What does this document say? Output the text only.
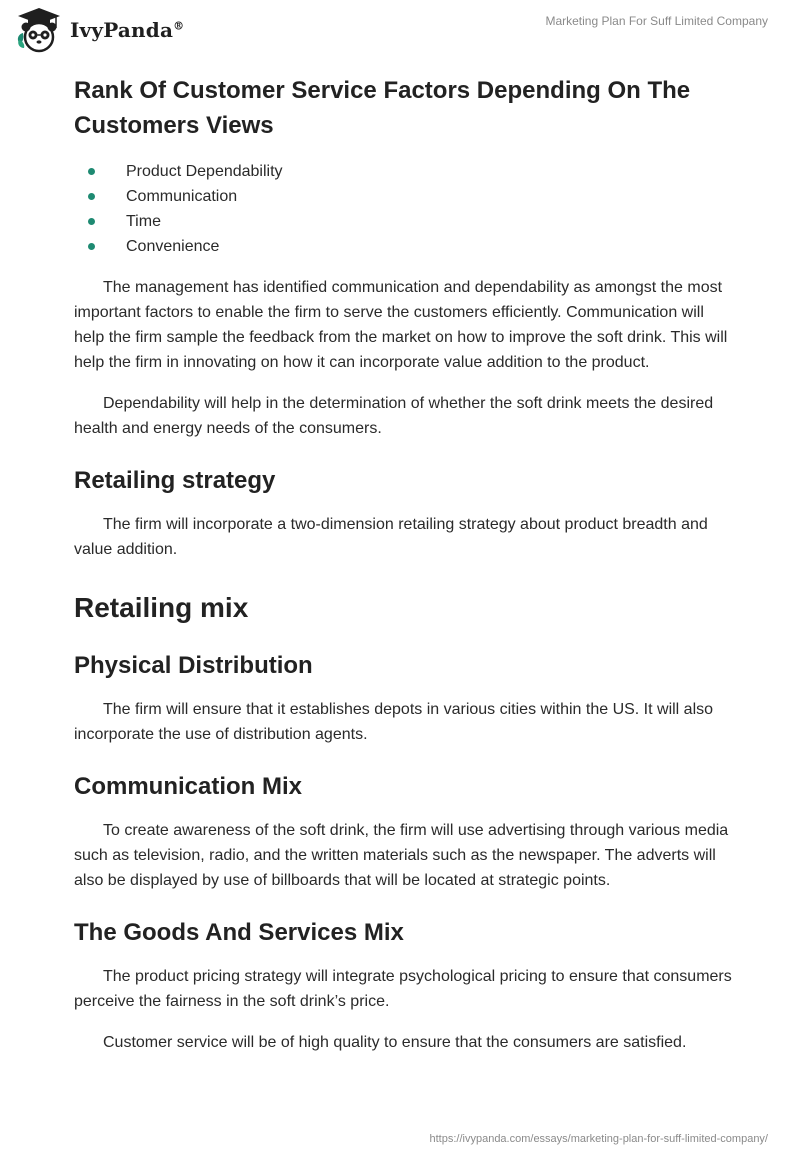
IvyPanda®	Marketing Plan For Suff Limited Company
Rank Of Customer Service Factors Depending On The Customers Views
Product Dependability
Communication
Time
Convenience

The management has identified communication and dependability as amongst the most important factors to enable the firm to serve the customers efficiently. Communication will help the firm sample the feedback from the market on how to improve the soft drink. This will help the firm in innovating on how it can incorporate value addition to the product.

Dependability will help in the determination of whether the soft drink meets the desired health and energy needs of the consumers.

Retailing strategy

The firm will incorporate a two-dimension retailing strategy about product breadth and value addition.

Retailing mix
Physical Distribution

The firm will ensure that it establishes depots in various cities within the US. It will also incorporate the use of distribution agents.

Communication Mix

To create awareness of the soft drink, the firm will use advertising through various media such as television, radio, and the written materials such as the newspaper. The adverts will also be displayed by use of billboards that will be located at strategic points.

The Goods And Services Mix

The product pricing strategy will integrate psychological pricing to ensure that consumers perceive the fairness in the soft drink’s price.

Customer service will be of high quality to ensure that the consumers are satisfied.

https://ivypanda.com/essays/marketing-plan-for-suff-limited-company/
